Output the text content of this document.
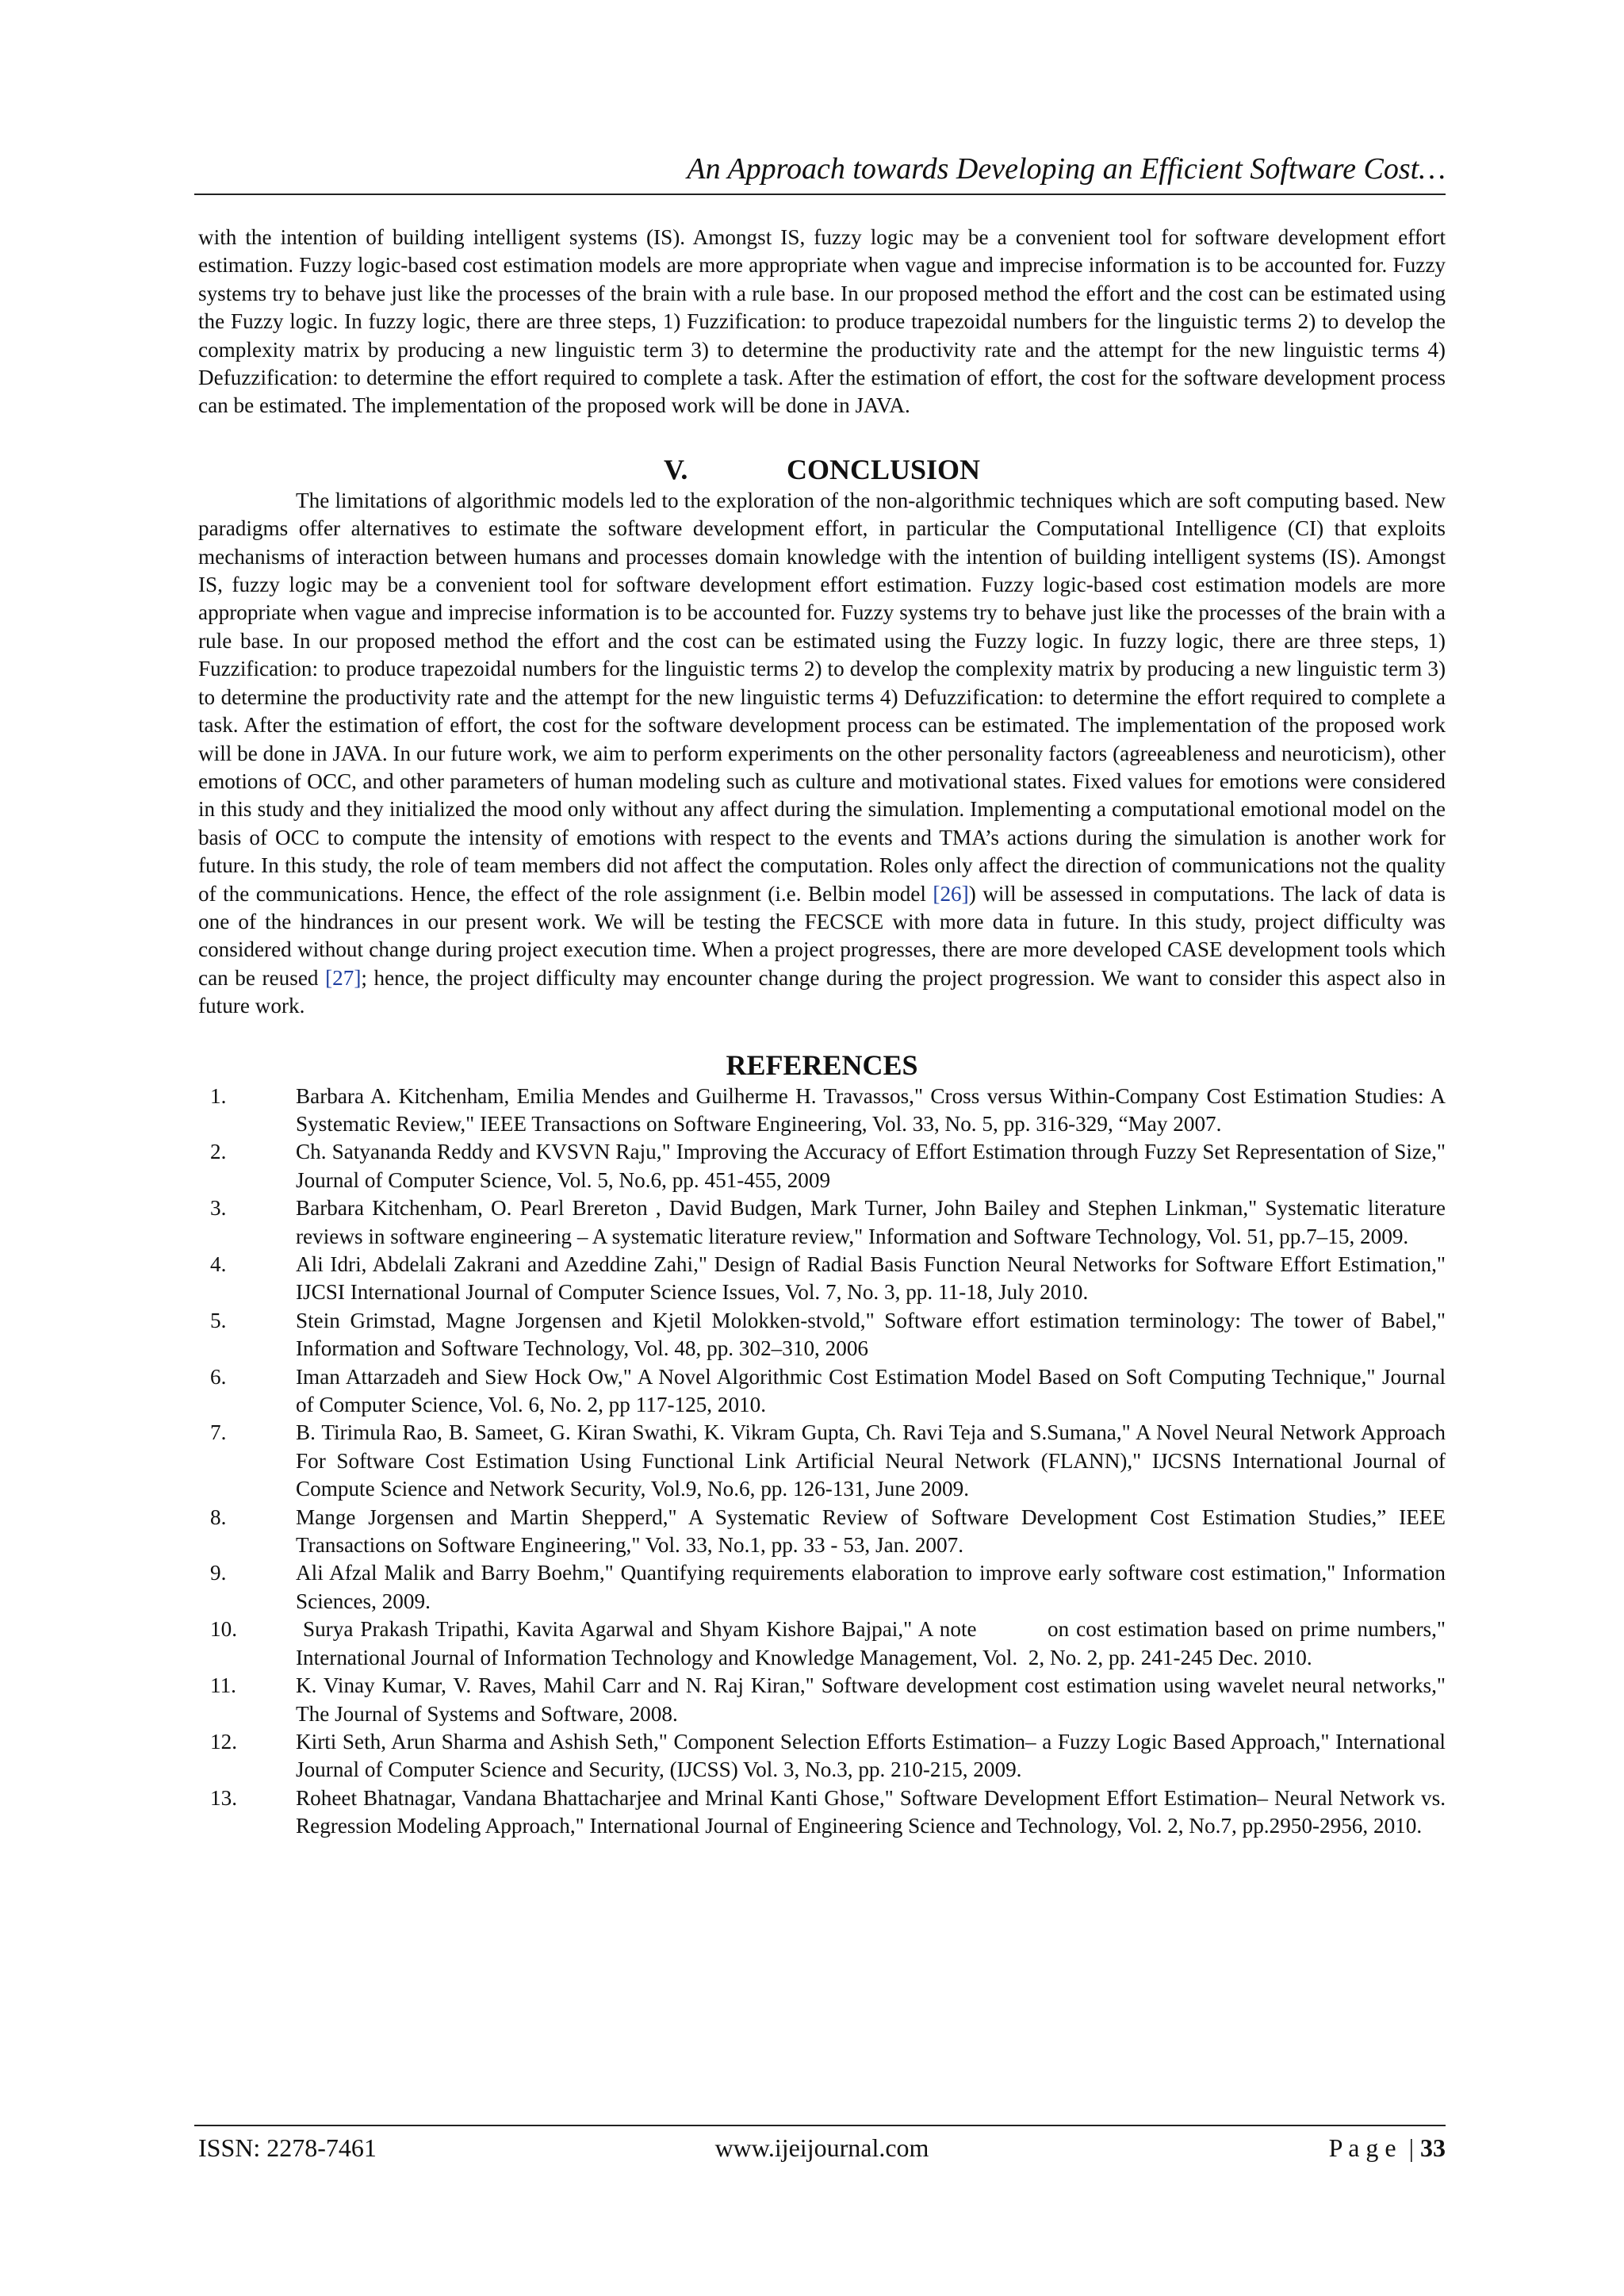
An Approach towards Developing an Efficient Software Cost…

with the intention of building intelligent systems (IS). Amongst IS, fuzzy logic may be a convenient tool for software development effort estimation. Fuzzy logic-based cost estimation models are more appropriate when vague and imprecise information is to be accounted for. Fuzzy systems try to behave just like the processes of the brain with a rule base. In our proposed method the effort and the cost can be estimated using the Fuzzy logic. In fuzzy logic, there are three steps, 1) Fuzzification: to produce trapezoidal numbers for the linguistic terms 2) to develop the complexity matrix by producing a new linguistic term 3) to determine the productivity rate and the attempt for the new linguistic terms 4) Defuzzification: to determine the effort required to complete a task. After the estimation of effort, the cost for the software development process can be estimated. The implementation of the proposed work will be done in JAVA.

V.	CONCLUSION

The limitations of algorithmic models led to the exploration of the non-algorithmic techniques which are soft computing based. New paradigms offer alternatives to estimate the software development effort, in particular the Computational Intelligence (CI) that exploits mechanisms of interaction between humans and processes domain knowledge with the intention of building intelligent systems (IS). Amongst IS, fuzzy logic may be a convenient tool for software development effort estimation. Fuzzy logic-based cost estimation models are more appropriate when vague and imprecise information is to be accounted for. Fuzzy systems try to behave just like the processes of the brain with a rule base. In our proposed method the effort and the cost can be estimated using the Fuzzy logic. In fuzzy logic, there are three steps, 1) Fuzzification: to produce trapezoidal numbers for the linguistic terms 2) to develop the complexity matrix by producing a new linguistic term 3) to determine the productivity rate and the attempt for the new linguistic terms 4) Defuzzification: to determine the effort required to complete a task. After the estimation of effort, the cost for the software development process can be estimated. The implementation of the proposed work will be done in JAVA. In our future work, we aim to perform experiments on the other personality factors (agreeableness and neuroticism), other emotions of OCC, and other parameters of human modeling such as culture and motivational states. Fixed values for emotions were considered in this study and they initialized the mood only without any affect during the simulation. Implementing a computational emotional model on the basis of OCC to compute the intensity of emotions with respect to the events and TMA’s actions during the simulation is another work for future. In this study, the role of team members did not affect the computation. Roles only affect the direction of communications not the quality of the communications. Hence, the effect of the role assignment (i.e. Belbin model [26]) will be assessed in computations. The lack of data is one of the hindrances in our present work. We will be testing the FECSCE with more data in future. In this study, project difficulty was considered without change during project execution time. When a project progresses, there are more developed CASE development tools which can be reused [27]; hence, the project difficulty may encounter change during the project progression. We want to consider this aspect also in future work.

REFERENCES
1.	Barbara A. Kitchenham, Emilia Mendes and Guilherme H. Travassos," Cross versus Within-Company Cost Estimation Studies: A Systematic Review," IEEE Transactions on Software Engineering, Vol. 33, No. 5, pp. 316-329, “May 2007.
2.	Ch. Satyananda Reddy and KVSVN Raju," Improving the Accuracy of Effort Estimation through Fuzzy Set Representation of Size," Journal of Computer Science, Vol. 5, No.6, pp. 451-455, 2009
3.	Barbara Kitchenham, O. Pearl Brereton , David Budgen, Mark Turner, John Bailey and Stephen Linkman," Systematic literature reviews in software engineering – A systematic literature review," Information and Software Technology, Vol. 51, pp.7–15, 2009.
4.	Ali Idri, Abdelali Zakrani and Azeddine Zahi," Design of Radial Basis Function Neural Networks for Software Effort Estimation," IJCSI International Journal of Computer Science Issues, Vol. 7, No. 3, pp. 11-18, July 2010.
5.	Stein Grimstad, Magne Jorgensen and Kjetil Molokken-stvold," Software effort estimation terminology: The tower of Babel," Information and Software Technology, Vol. 48, pp. 302–310, 2006
6.	Iman Attarzadeh and Siew Hock Ow," A Novel Algorithmic Cost Estimation Model Based on Soft Computing Technique," Journal of Computer Science, Vol. 6, No. 2, pp 117-125, 2010.
7.	B. Tirimula Rao, B. Sameet, G. Kiran Swathi, K. Vikram Gupta, Ch. Ravi Teja and S.Sumana," A Novel Neural Network Approach For Software Cost Estimation Using Functional Link Artificial Neural Network (FLANN)," IJCSNS International Journal of Compute Science and Network Security, Vol.9, No.6, pp. 126-131, June 2009.
8.	Mange Jorgensen and Martin Shepperd," A Systematic Review of Software Development Cost Estimation Studies,” IEEE Transactions on Software Engineering," Vol. 33, No.1, pp. 33 - 53, Jan. 2007.
9.	Ali Afzal Malik and Barry Boehm," Quantifying requirements elaboration to improve early software cost estimation," Information Sciences, 2009.
10.	Surya Prakash Tripathi, Kavita Agarwal and Shyam Kishore Bajpai," A note          on cost estimation based on prime numbers," International Journal of Information Technology and Knowledge Management, Vol.  2, No. 2, pp. 241-245 Dec. 2010.
11.	K. Vinay Kumar, V. Raves, Mahil Carr and N. Raj Kiran," Software development cost estimation using wavelet neural networks," The Journal of Systems and Software, 2008.
12.	Kirti Seth, Arun Sharma and Ashish Seth," Component Selection Efforts Estimation– a Fuzzy Logic Based Approach," International Journal of Computer Science and Security, (IJCSS) Vol. 3, No.3, pp. 210-215, 2009.
13.	Roheet Bhatnagar, Vandana Bhattacharjee and Mrinal Kanti Ghose," Software Development Effort Estimation– Neural Network vs. Regression Modeling Approach," International Journal of Engineering Science and Technology, Vol. 2, No.7, pp.2950-2956, 2010.
ISSN: 2278-7461	www.ijeijournal.com	P a g e  | 33
